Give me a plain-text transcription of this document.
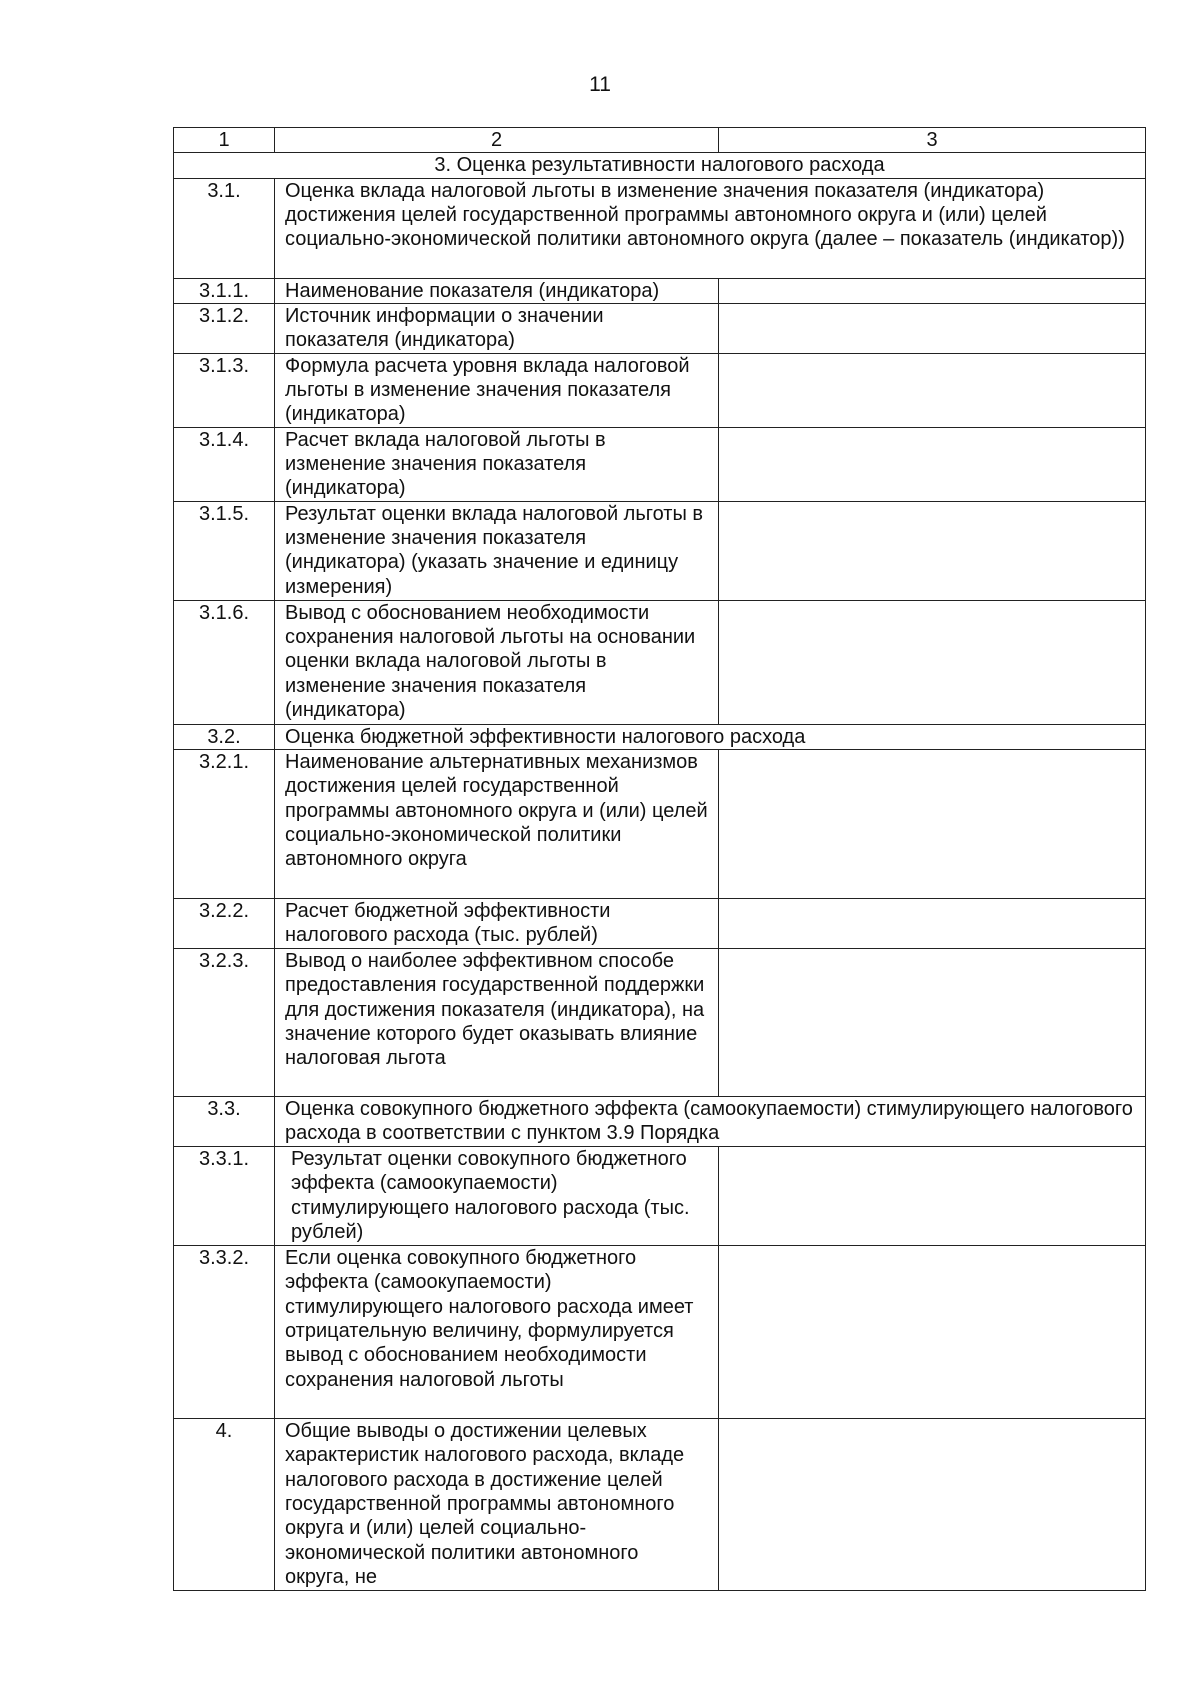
11
1	2	3
3. Оценка результативности налогового расхода		
3.1.	Оценка вклада налоговой льготы в изменение значения показателя (индикатора) достижения целей государственной программы автономного округа и (или) целей социально-экономической политики автономного округа (далее – показатель (индикатор))	
3.1.1.	Наименование показателя (индикатора)	
3.1.2.	Источник информации о значении показателя (индикатора)	
3.1.3.	Формула расчета уровня вклада налоговой льготы в изменение значения показателя (индикатора)	
3.1.4.	Расчет вклада налоговой льготы в изменение значения показателя (индикатора)	
3.1.5.	Результат оценки вклада налоговой льготы в изменение значения показателя (индикатора) (указать значение и единицу измерения)	
3.1.6.	Вывод с обоснованием необходимости сохранения налоговой льготы на основании оценки вклада налоговой льготы в изменение значения показателя (индикатора)	
3.2.	Оценка бюджетной эффективности налогового расхода	
3.2.1.	Наименование альтернативных механизмов достижения целей государственной программы автономного округа и (или) целей социально-экономической политики автономного округа	
3.2.2.	Расчет бюджетной эффективности налогового расхода (тыс. рублей)	
3.2.3.	Вывод о наиболее эффективном способе предоставления государственной поддержки для достижения показателя (индикатора), на значение которого будет оказывать влияние налоговая льгота	
3.3.	Оценка совокупного бюджетного эффекта (самоокупаемости) стимулирующего налогового расхода в соответствии с пунктом 3.9 Порядка	
3.3.1.	Результат оценки совокупного бюджетного эффекта (самоокупаемости) стимулирующего налогового расхода (тыс. рублей)	
3.3.2.	Если оценка совокупного бюджетного эффекта (самоокупаемости) стимулирующего налогового расхода имеет отрицательную величину, формулируется вывод с обоснованием необходимости сохранения налоговой льготы	
4.	Общие выводы о достижении целевых характеристик налогового расхода, вкладе налогового расхода в достижение целей государственной программы автономного округа и (или) целей социально-экономической политики автономного округа, не	
